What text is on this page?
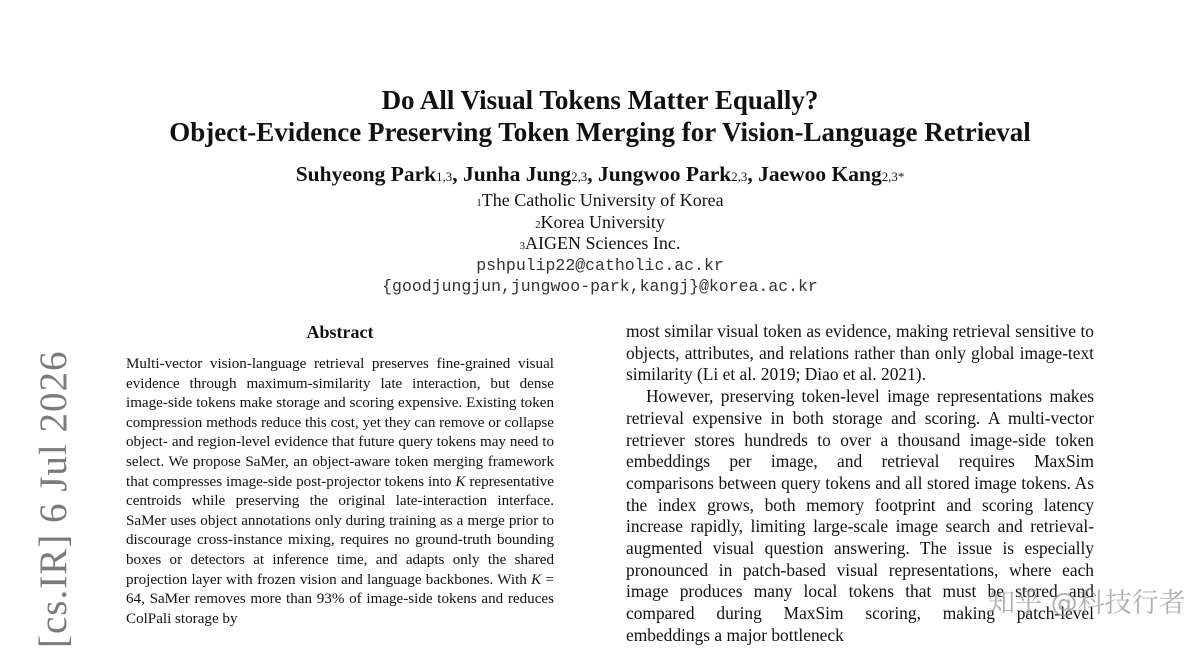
[cs.IR] 6 Jul 2026
Do All Visual Tokens Matter Equally?
Object-Evidence Preserving Token Merging for Vision-Language Retrieval
Suhyeong Park$^{1,3}$, Junha Jung$^{2,3}$, Jungwoo Park$^{2,3}$, Jaewoo Kang$^{2,3*}$
$^1$The Catholic University of Korea
$^2$Korea University
$^3$AIGEN Sciences Inc.
pshpulip22@catholic.ac.kr
{goodjungjun,jungwoo-park,kangj}@korea.ac.kr
Abstract

Multi-vector vision-language retrieval preserves fine-grained visual evidence through maximum-similarity late interaction, but dense image-side tokens make storage and scoring expensive. Existing token compression methods reduce this cost, yet they can remove or collapse object- and region-level evidence that future query tokens may need to select. We propose SaMer, an object-aware token merging framework that compresses image-side post-projector tokens into K representative centroids while preserving the original late-interaction interface. SaMer uses object annotations only during training as a merge prior to discourage cross-instance mixing, requires no ground-truth bounding boxes or detectors at inference time, and adapts only the shared projection layer with frozen vision and language backbones. With K = 64, SaMer removes more than 93% of image-side tokens and reduces ColPali storage by

most similar visual token as evidence, making retrieval sensitive to objects, attributes, and relations rather than only global image-text similarity (Li et al. 2019; Diao et al. 2021).
However, preserving token-level image representations makes retrieval expensive in both storage and scoring. A multi-vector retriever stores hundreds to over a thousand image-side token embeddings per image, and retrieval requires MaxSim comparisons between query tokens and all stored image tokens. As the index grows, both memory footprint and scoring latency increase rapidly, limiting large-scale image search and retrieval-augmented visual question answering. The issue is especially pronounced in patch-based visual representations, where each image produces many local tokens that must be stored and compared during MaxSim scoring, making patch-level embeddings a major bottleneck

知乎 @科技行者
